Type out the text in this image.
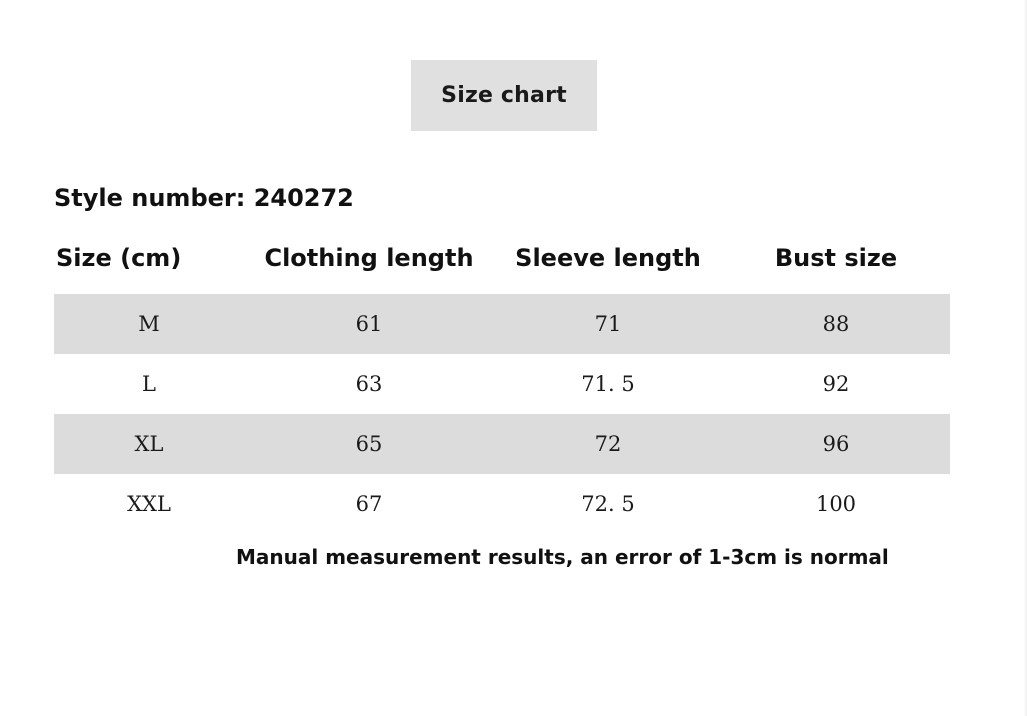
Size chart
Style number: 240272
Size (cm)	Clothing length	Sleeve length	Bust size
M	61	71	88
L	63	71. 5	92
XL	65	72	96
XXL	67	72. 5	100
Manual measurement results, an error of 1-3cm is normal
